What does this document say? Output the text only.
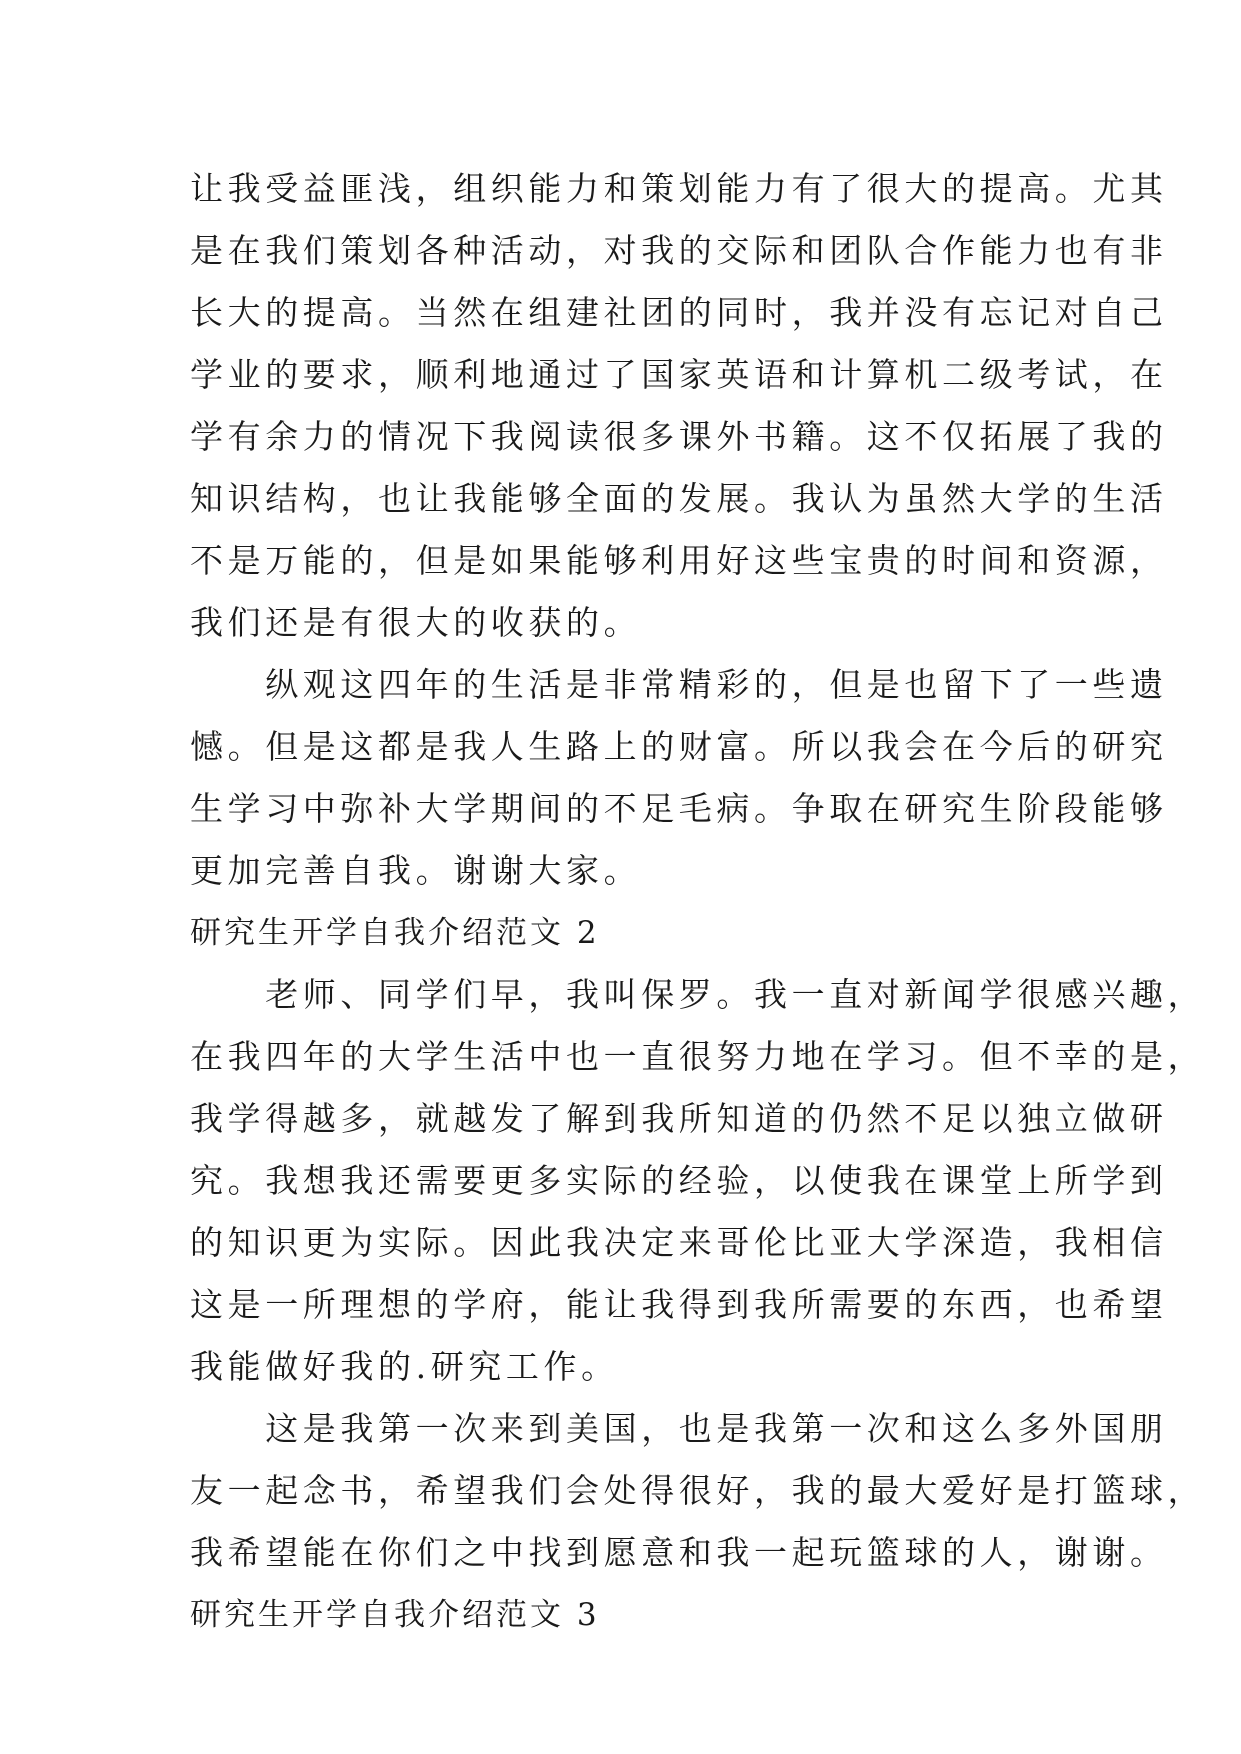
让我受益匪浅，组织能力和策划能力有了很大的提高。尤其
是在我们策划各种活动，对我的交际和团队合作能力也有非
长大的提高。当然在组建社团的同时，我并没有忘记对自己
学业的要求，顺利地通过了国家英语和计算机二级考试，在
学有余力的情况下我阅读很多课外书籍。这不仅拓展了我的
知识结构，也让我能够全面的发展。我认为虽然大学的生活
不是万能的，但是如果能够利用好这些宝贵的时间和资源，
我们还是有很大的收获的。
　　纵观这四年的生活是非常精彩的，但是也留下了一些遗
憾。但是这都是我人生路上的财富。所以我会在今后的研究
生学习中弥补大学期间的不足毛病。争取在研究生阶段能够
更加完善自我。谢谢大家。
研究生开学自我介绍范文 2
　　老师、同学们早，我叫保罗。我一直对新闻学很感兴趣，
在我四年的大学生活中也一直很努力地在学习。但不幸的是，
我学得越多，就越发了解到我所知道的仍然不足以独立做研
究。我想我还需要更多实际的经验，以使我在课堂上所学到
的知识更为实际。因此我决定来哥伦比亚大学深造，我相信
这是一所理想的学府，能让我得到我所需要的东西，也希望
我能做好我的.研究工作。
　　这是我第一次来到美国，也是我第一次和这么多外国朋
友一起念书，希望我们会处得很好，我的最大爱好是打篮球，
我希望能在你们之中找到愿意和我一起玩篮球的人，谢谢。
研究生开学自我介绍范文 3
